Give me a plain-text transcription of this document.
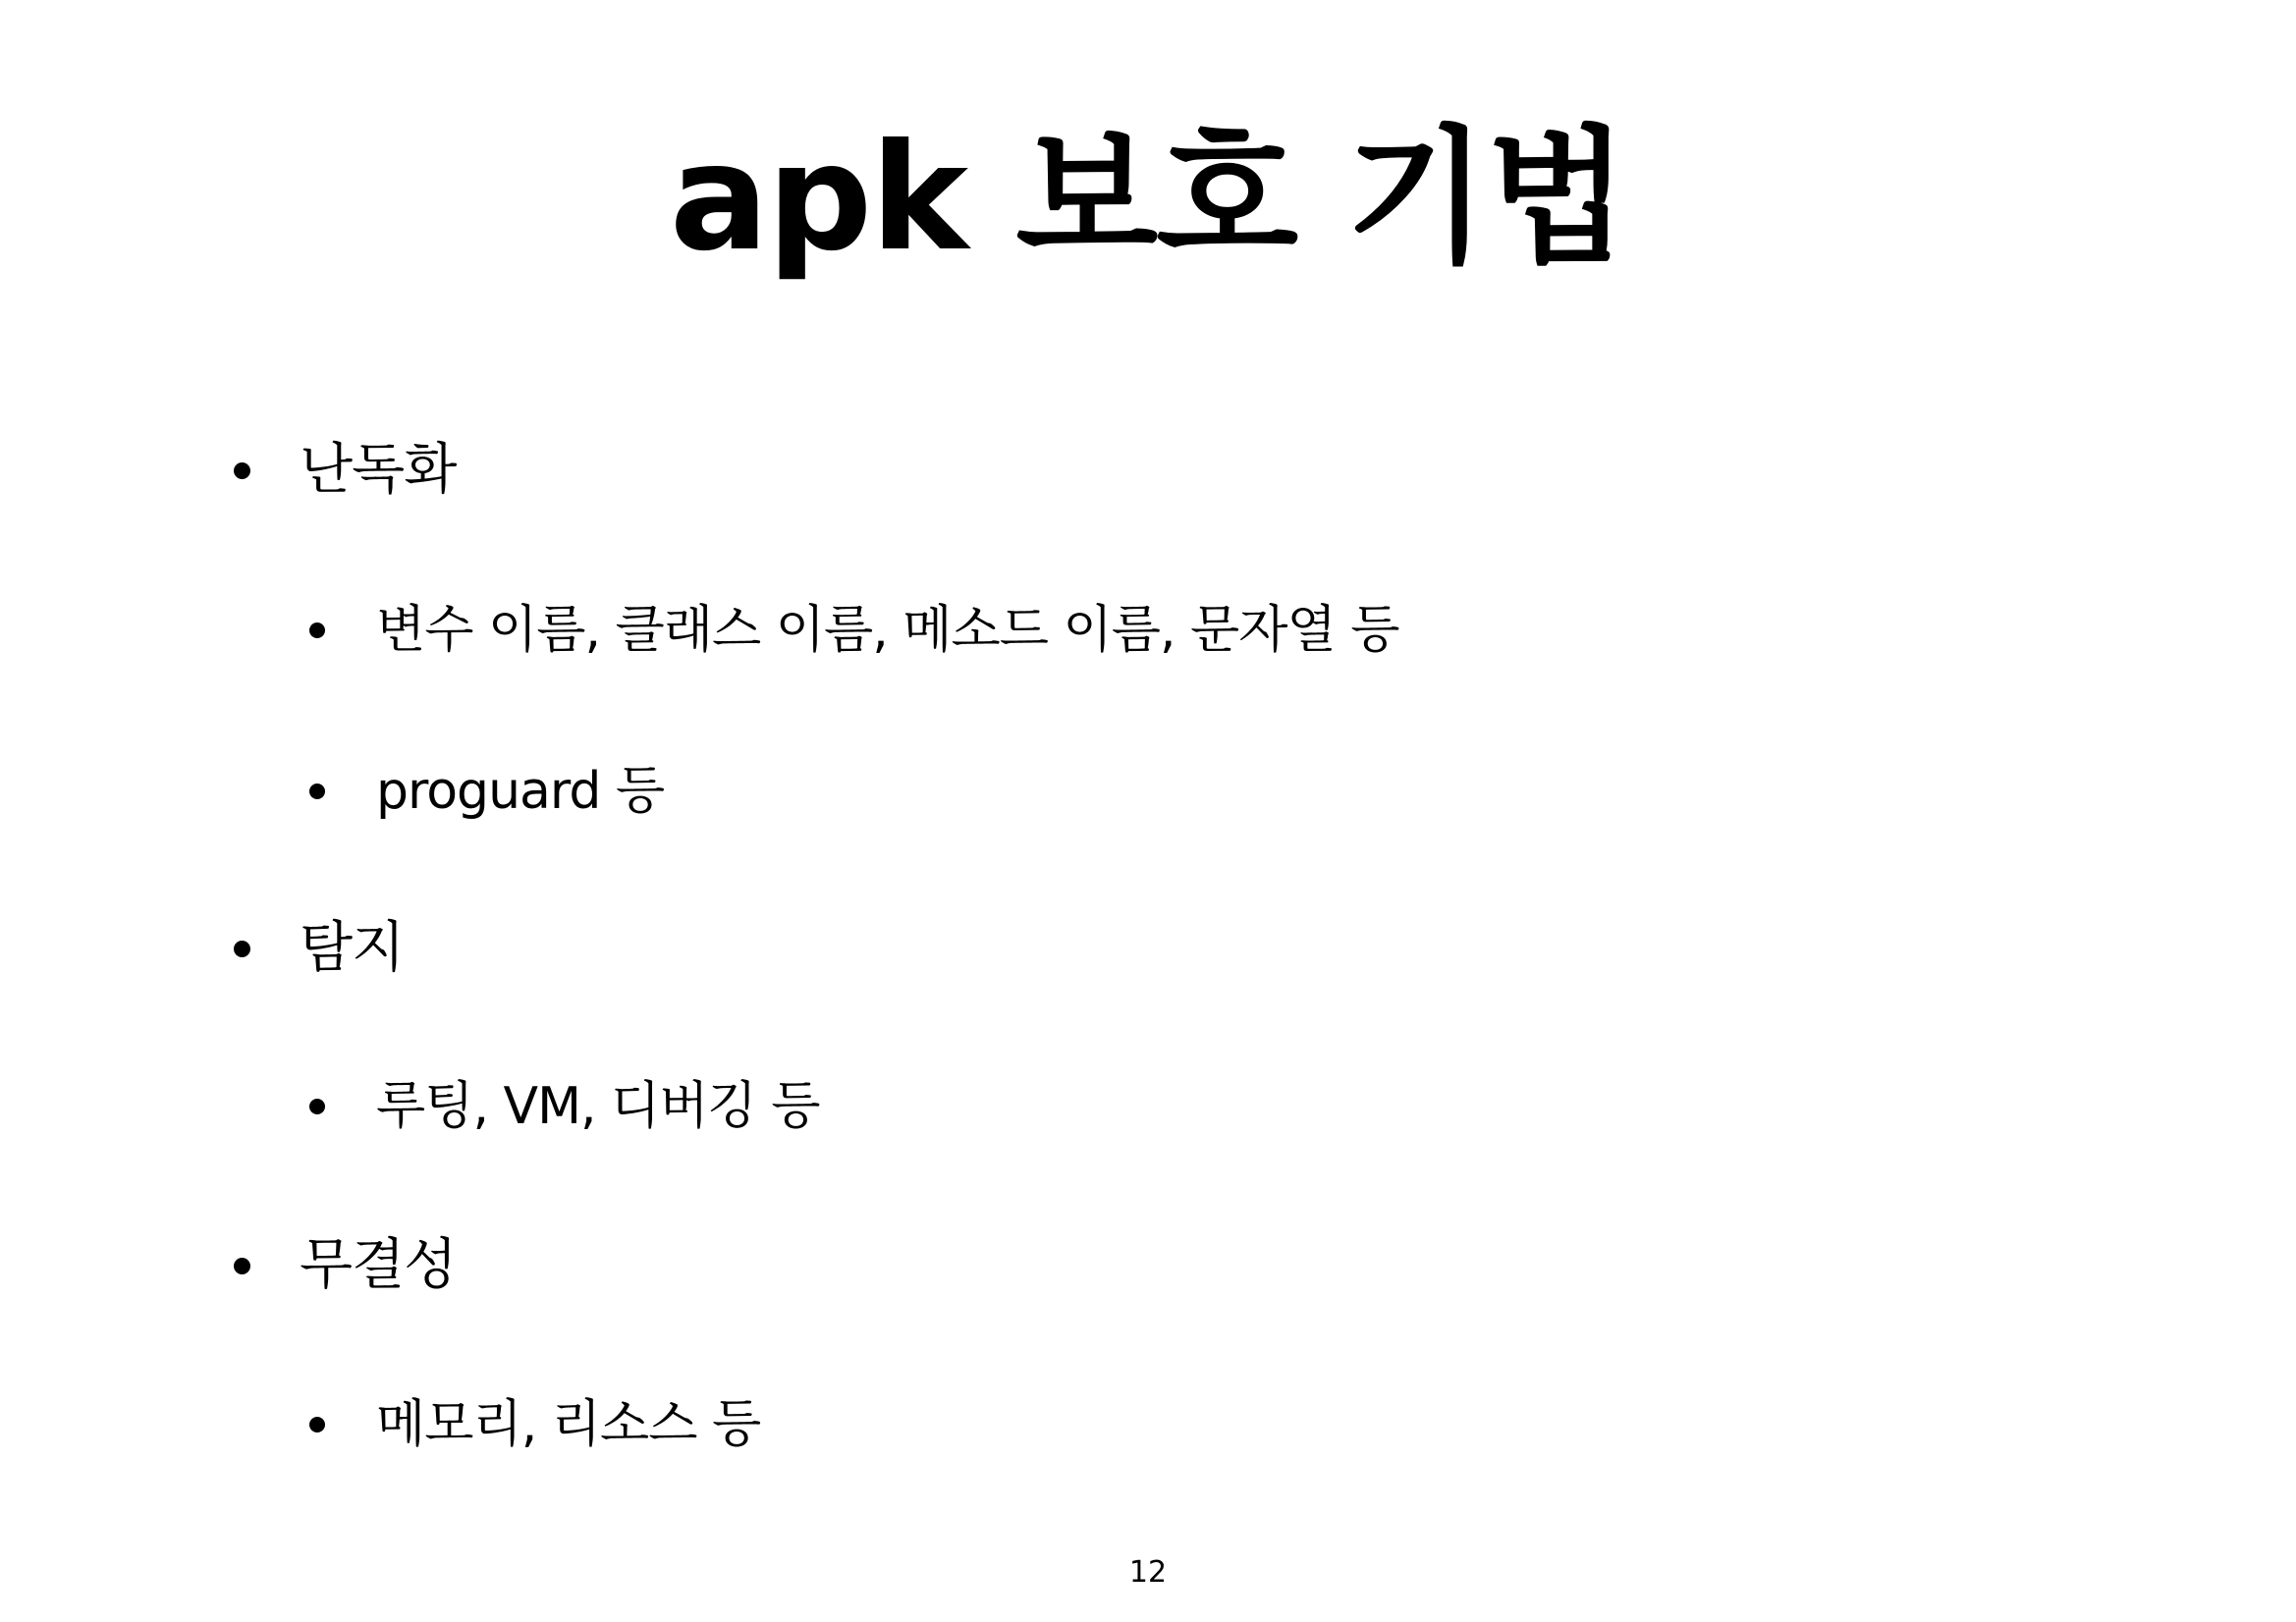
apk 보호 기법
난독화
변수 이름, 클래스 이름, 메소드 이름, 문자열 등
proguard 등
탐지
루팅, VM, 디버깅 등
무결성
메모리, 리소스 등
12
